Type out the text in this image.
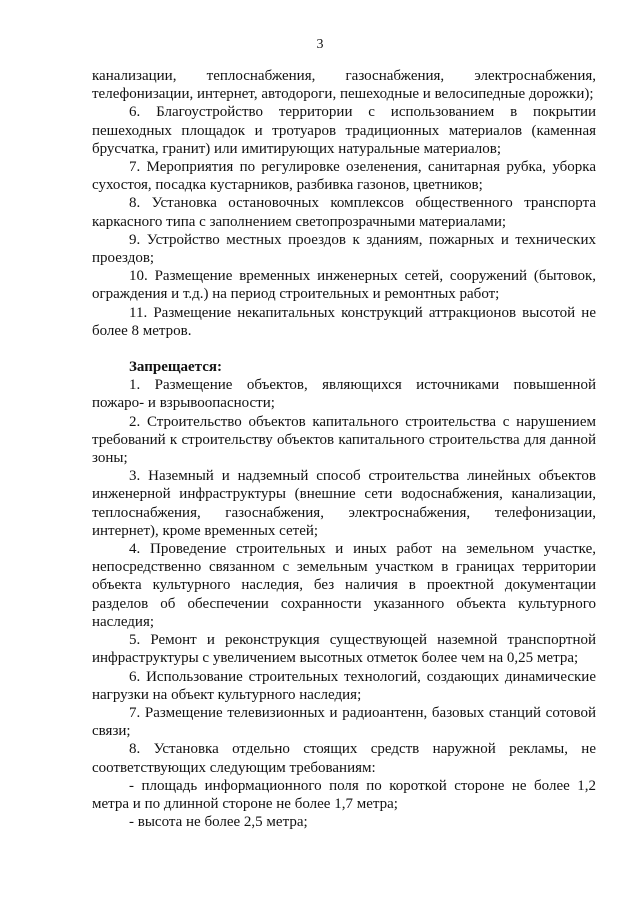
3

канализации, теплоснабжения, газоснабжения, электроснабжения, телефонизации, интернет, автодороги, пешеходные и велосипедные дорожки);

6. Благоустройство территории с использованием в покрытии пешеходных площадок и тротуаров традиционных материалов (каменная брусчатка, гранит) или имитирующих натуральные материалов;

7. Мероприятия по регулировке озеленения, санитарная рубка, уборка сухостоя, посадка кустарников, разбивка газонов, цветников;

8. Установка остановочных комплексов общественного транспорта каркасного типа с заполнением светопрозрачными материалами;

9. Устройство местных проездов к зданиям, пожарных и технических проездов;

10. Размещение временных инженерных сетей, сооружений (бытовок, ограждения и т.д.) на период строительных и ремонтных работ;

11. Размещение некапитальных конструкций аттракционов высотой не более 8 метров.

Запрещается:

1. Размещение объектов, являющихся источниками повышенной пожаро- и взрывоопасности;

2. Строительство объектов капитального строительства с нарушением требований к строительству объектов капитального строительства для данной зоны;

3. Наземный и надземный способ строительства линейных объектов инженерной инфраструктуры (внешние сети водоснабжения, канализации, теплоснабжения, газоснабжения, электроснабжения, телефонизации, интернет), кроме временных сетей;

4. Проведение строительных и иных работ на земельном участке, непосредственно связанном с земельным участком в границах территории объекта культурного наследия, без наличия в проектной документации разделов об обеспечении сохранности указанного объекта культурного наследия;

5. Ремонт и реконструкция существующей наземной транспортной инфраструктуры с увеличением высотных отметок более чем на 0,25 метра;

6. Использование строительных технологий, создающих динамические нагрузки на объект культурного наследия;

7. Размещение телевизионных и радиоантенн, базовых станций сотовой связи;

8. Установка отдельно стоящих средств наружной рекламы, не соответствующих следующим требованиям:

- площадь информационного поля по короткой стороне не более 1,2 метра и по длинной стороне не более 1,7 метра;

- высота не более 2,5 метра;
